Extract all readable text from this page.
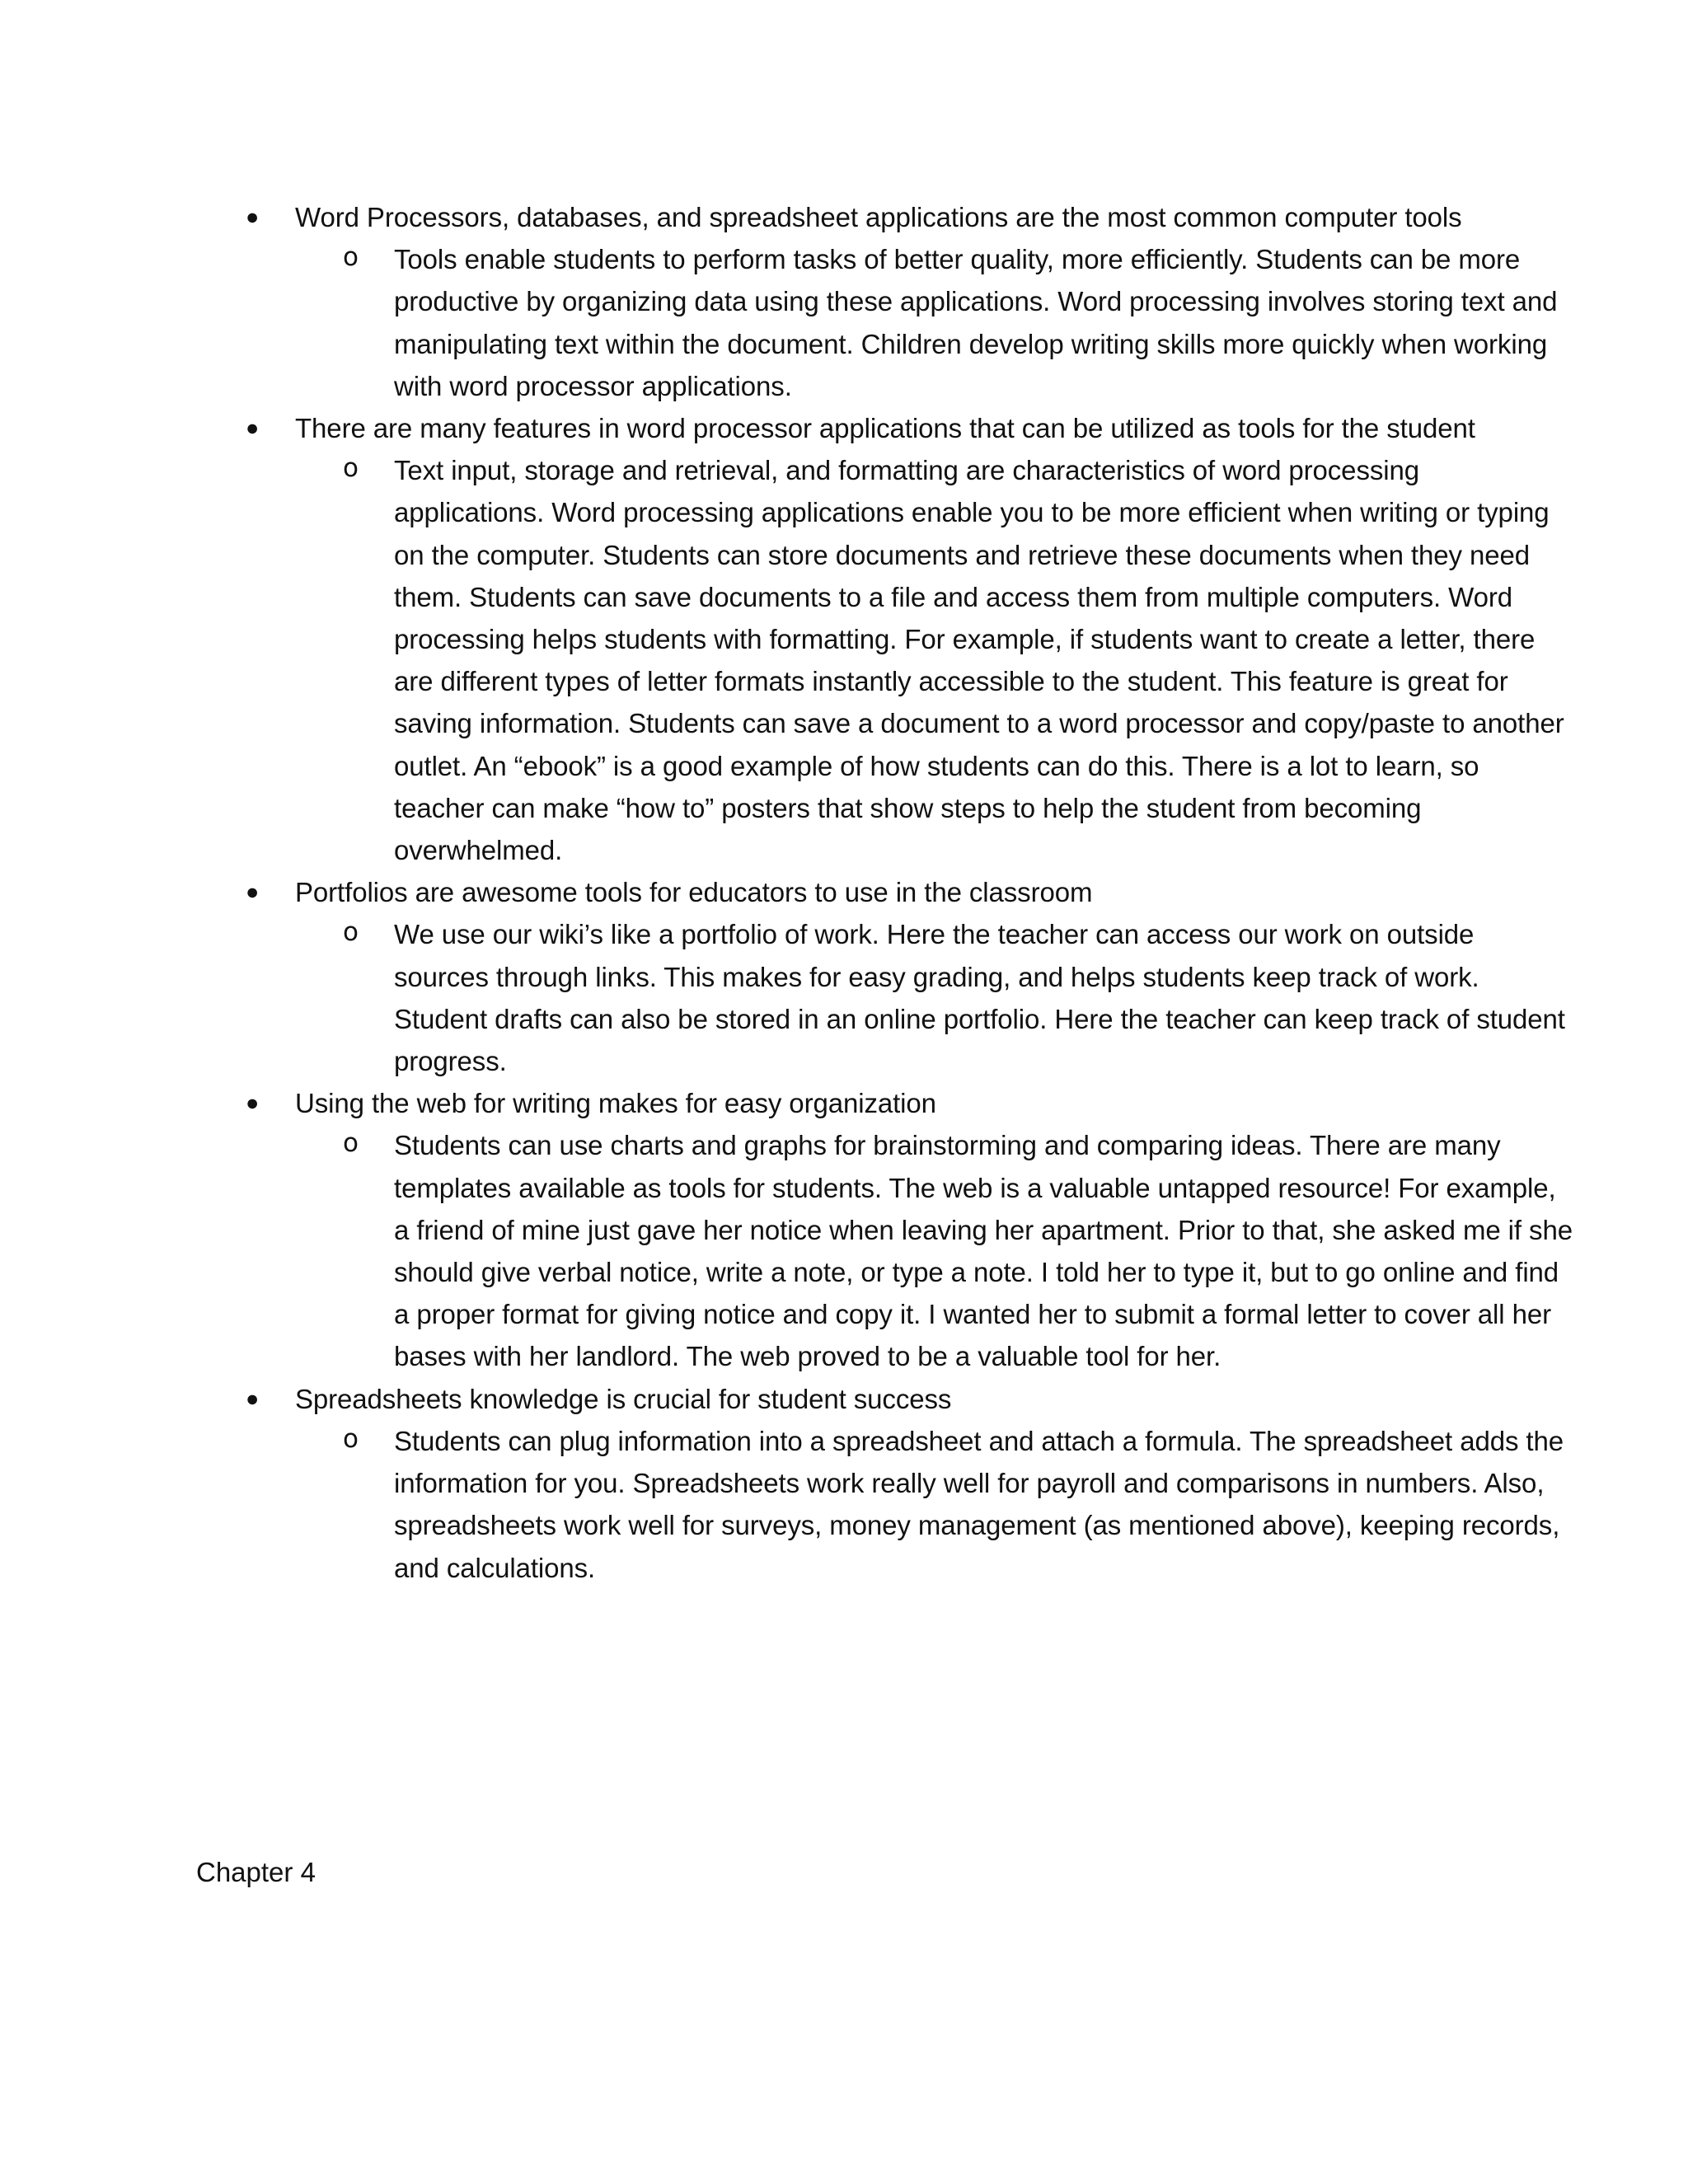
● Word Processors, databases, and spreadsheet applications are the most common computer tools
o Tools enable students to perform tasks of better quality, more efficiently. Students can be more productive by organizing data using these applications. Word processing involves storing text and manipulating text within the document. Children develop writing skills more quickly when working with word processor applications.
● There are many features in word processor applications that can be utilized as tools for the student
o Text input, storage and retrieval, and formatting are characteristics of word processing applications. Word processing applications enable you to be more efficient when writing or typing on the computer. Students can store documents and retrieve these documents when they need them. Students can save documents to a file and access them from multiple computers. Word processing helps students with formatting. For example, if students want to create a letter, there are different types of letter formats instantly accessible to the student. This feature is great for saving information. Students can save a document to a word processor and copy/paste to another outlet. An “ebook” is a good example of how students can do this. There is a lot to learn, so teacher can make “how to” posters that show steps to help the student from becoming overwhelmed.
● Portfolios are awesome tools for educators to use in the classroom
o We use our wiki’s like a portfolio of work. Here the teacher can access our work on outside sources through links. This makes for easy grading, and helps students keep track of work. Student drafts can also be stored in an online portfolio. Here the teacher can keep track of student progress.
● Using the web for writing makes for easy organization
o Students can use charts and graphs for brainstorming and comparing ideas. There are many templates available as tools for students. The web is a valuable untapped resource! For example, a friend of mine just gave her notice when leaving her apartment. Prior to that, she asked me if she should give verbal notice, write a note, or type a note. I told her to type it, but to go online and find a proper format for giving notice and copy it. I wanted her to submit a formal letter to cover all her bases with her landlord. The web proved to be a valuable tool for her.
● Spreadsheets knowledge is crucial for student success
o Students can plug information into a spreadsheet and attach a formula. The spreadsheet adds the information for you. Spreadsheets work really well for payroll and comparisons in numbers. Also, spreadsheets work well for surveys, money management (as mentioned above), keeping records, and calculations.
Chapter 4
